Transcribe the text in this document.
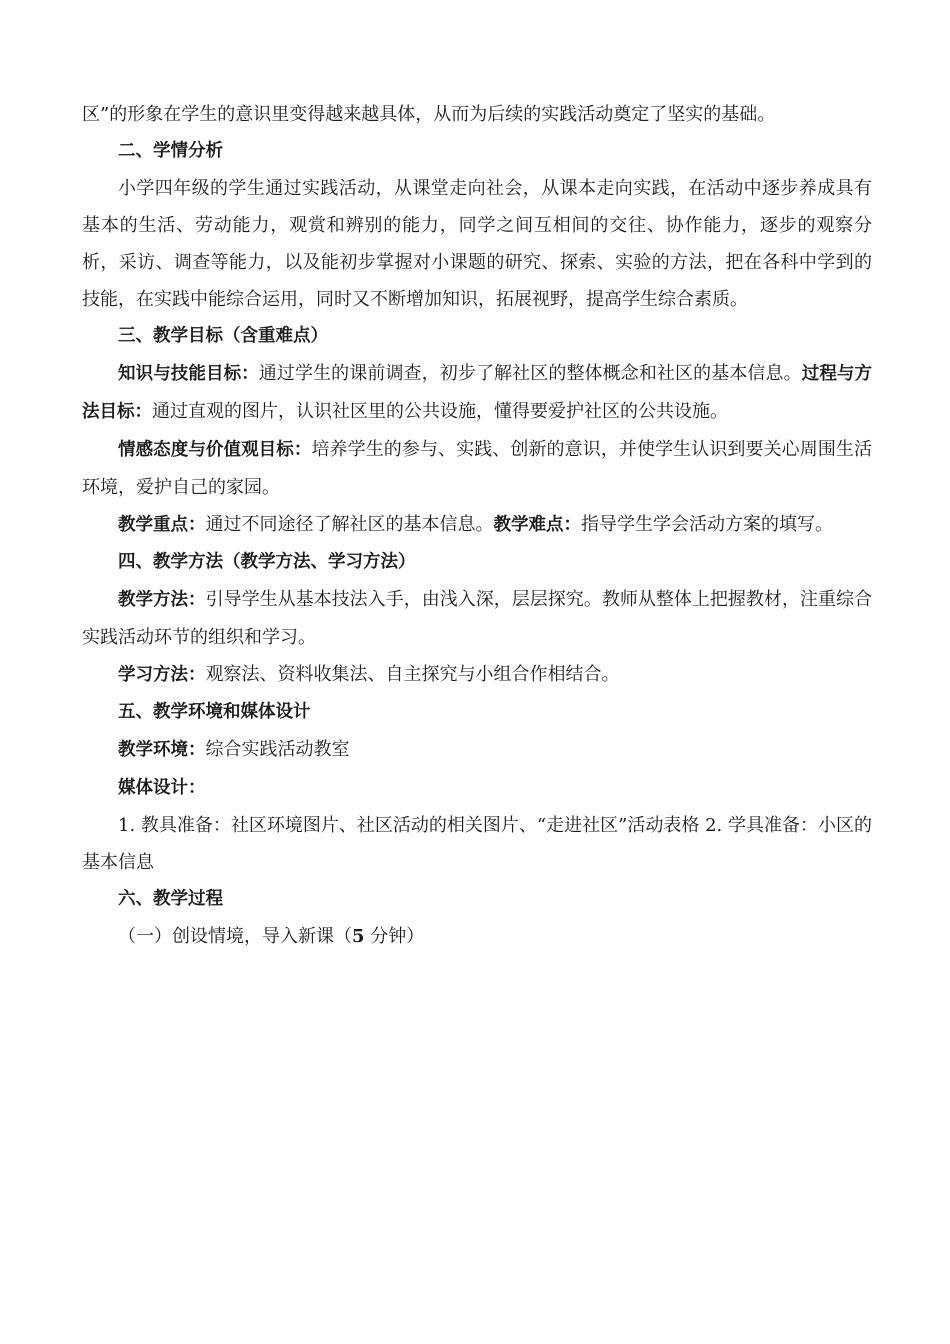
区”的形象在学生的意识里变得越来越具体，从而为后续的实践活动奠定了坚实的基础。

二、学情分析

小学四年级的学生通过实践活动，从课堂走向社会，从课本走向实践，在活动中逐步养成具有基本的生活、劳动能力，观赏和辨别的能力，同学之间互相间的交往、协作能力，逐步的观察分析，采访、调查等能力，以及能初步掌握对小课题的研究、探索、实验的方法，把在各科中学到的技能，在实践中能综合运用，同时又不断增加知识，拓展视野，提高学生综合素质。

三、教学目标（含重难点）

知识与技能目标：通过学生的课前调查，初步了解社区的整体概念和社区的基本信息。过程与方法目标：通过直观的图片，认识社区里的公共设施，懂得要爱护社区的公共设施。

情感态度与价值观目标：培养学生的参与、实践、创新的意识，并使学生认识到要关心周围生活环境，爱护自己的家园。

教学重点：通过不同途径了解社区的基本信息。教学难点：指导学生学会活动方案的填写。

四、教学方法（教学方法、学习方法）

教学方法：引导学生从基本技法入手，由浅入深，层层探究。教师从整体上把握教材，注重综合实践活动环节的组织和学习。

学习方法：观察法、资料收集法、自主探究与小组合作相结合。

五、教学环境和媒体设计

教学环境：综合实践活动教室

媒体设计：

1. 教具准备：社区环境图片、社区活动的相关图片、“走进社区”活动表格 2. 学具准备：小区的基本信息

六、教学过程

（一）创设情境，导入新课（5 分钟）
